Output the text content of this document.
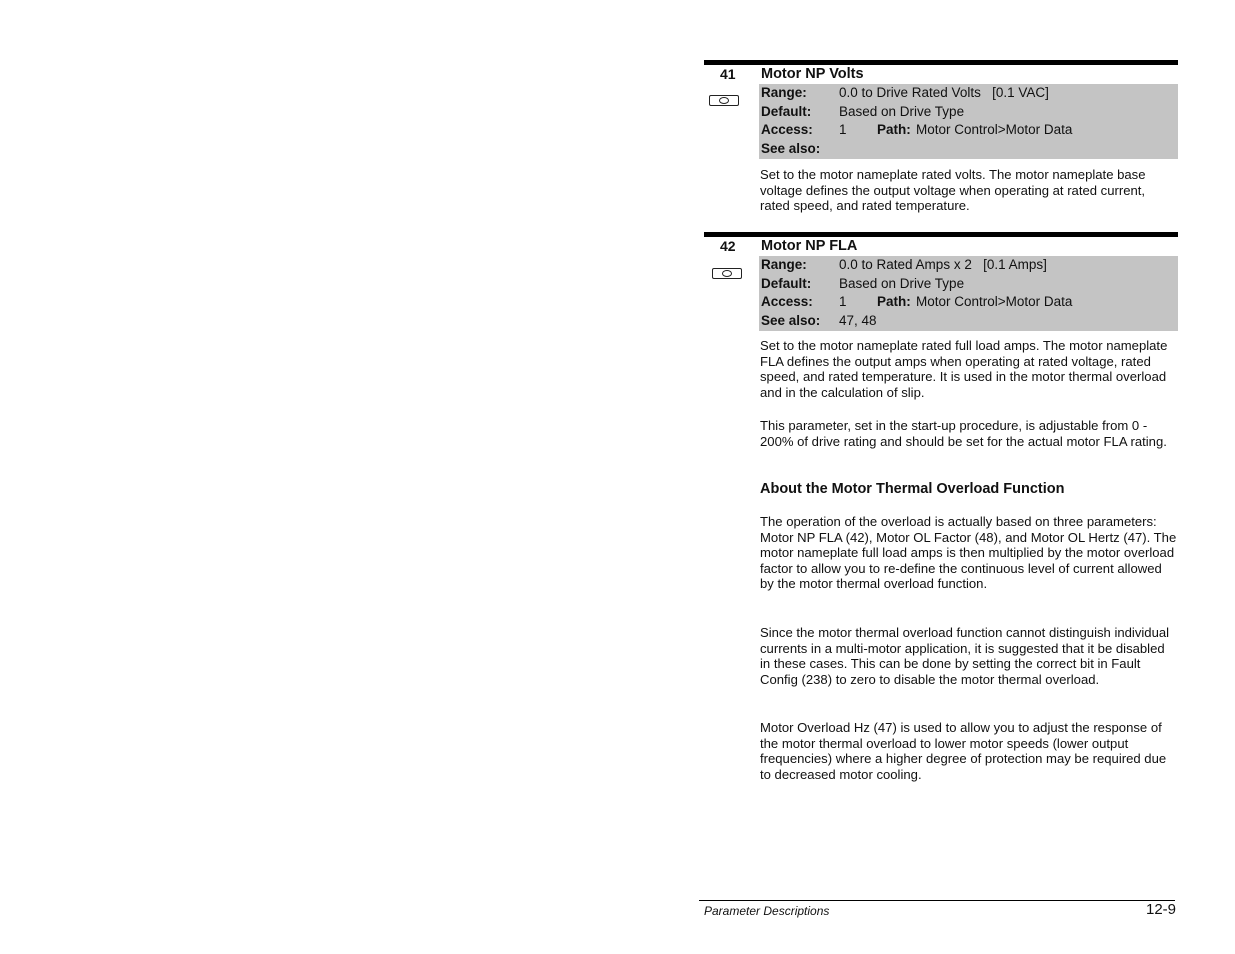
41 Motor NP Volts
Range: 0.0 to Drive Rated Volts   [0.1 VAC]
Default: Based on Drive Type
Access: 1 Path: Motor Control>Motor Data
See also:

Set to the motor nameplate rated volts. The motor nameplate base voltage defines the output voltage when operating at rated current, rated speed, and rated temperature.

42 Motor NP FLA
Range: 0.0 to Rated Amps x 2   [0.1 Amps]
Default: Based on Drive Type
Access: 1 Path: Motor Control>Motor Data
See also: 47, 48

Set to the motor nameplate rated full load amps. The motor nameplate FLA defines the output amps when operating at rated voltage, rated speed, and rated temperature. It is used in the motor thermal overload and in the calculation of slip.

This parameter, set in the start-up procedure, is adjustable from 0 - 200% of drive rating and should be set for the actual motor FLA rating.

About the Motor Thermal Overload Function

The operation of the overload is actually based on three parameters: Motor NP FLA (42), Motor OL Factor (48), and Motor OL Hertz (47). The motor nameplate full load amps is then multiplied by the motor overload factor to allow you to re-define the continuous level of current allowed by the motor thermal overload function.

Since the motor thermal overload function cannot distinguish individual currents in a multi-motor application, it is suggested that it be disabled in these cases. This can be done by setting the correct bit in Fault Config (238) to zero to disable the motor thermal overload.

Motor Overload Hz (47) is used to allow you to adjust the response of the motor thermal overload to lower motor speeds (lower output frequencies) where a higher degree of protection may be required due to decreased motor cooling.

Parameter Descriptions	12-9
